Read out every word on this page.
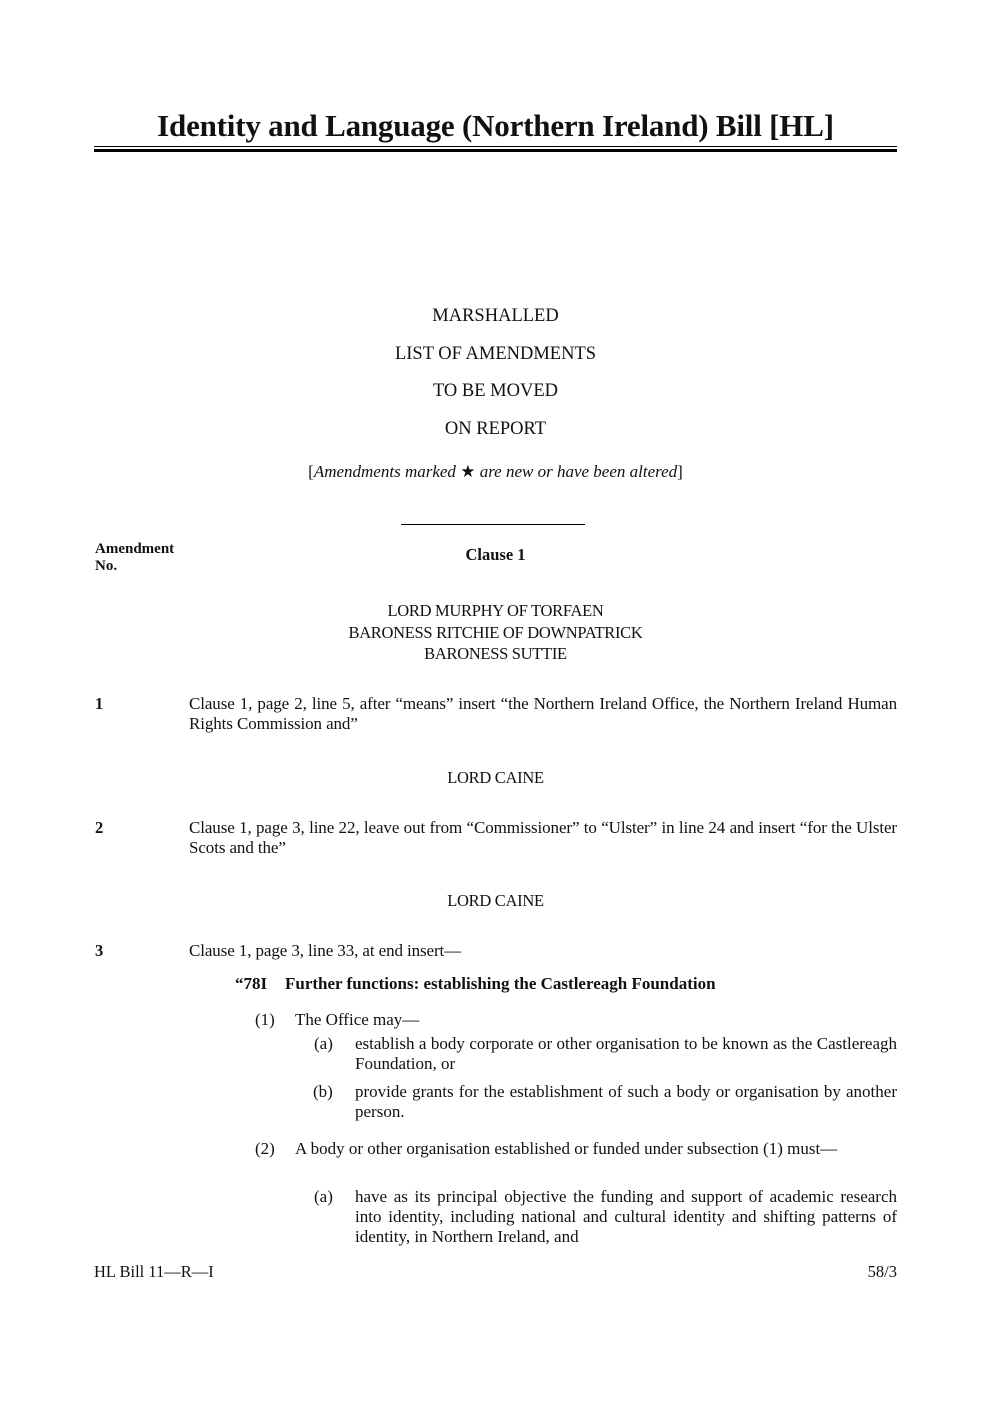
Identity and Language (Northern Ireland) Bill [HL]
MARSHALLED
LIST OF AMENDMENTS
TO BE MOVED
ON REPORT
[Amendments marked ★ are new or have been altered]
Amendment
No.
Clause 1
LORD MURPHY OF TORFAEN
BARONESS RITCHIE OF DOWNPATRICK
BARONESS SUTTIE
1	Clause 1, page 2, line 5, after “means” insert “the Northern Ireland Office, the Northern Ireland Human Rights Commission and”
LORD CAINE
2	Clause 1, page 3, line 22, leave out from “Commissioner” to “Ulster” in line 24 and insert “for the Ulster Scots and the”
LORD CAINE
3	Clause 1, page 3, line 33, at end insert—
“78I Further functions: establishing the Castlereagh Foundation
(1) The Office may—
(a) establish a body corporate or other organisation to be known as the Castlereagh Foundation, or
(b) provide grants for the establishment of such a body or organisation by another person.
(2) A body or other organisation established or funded under subsection (1) must—
(a) have as its principal objective the funding and support of academic research into identity, including national and cultural identity and shifting patterns of identity, in Northern Ireland, and
HL Bill 11—R—I	58/3
